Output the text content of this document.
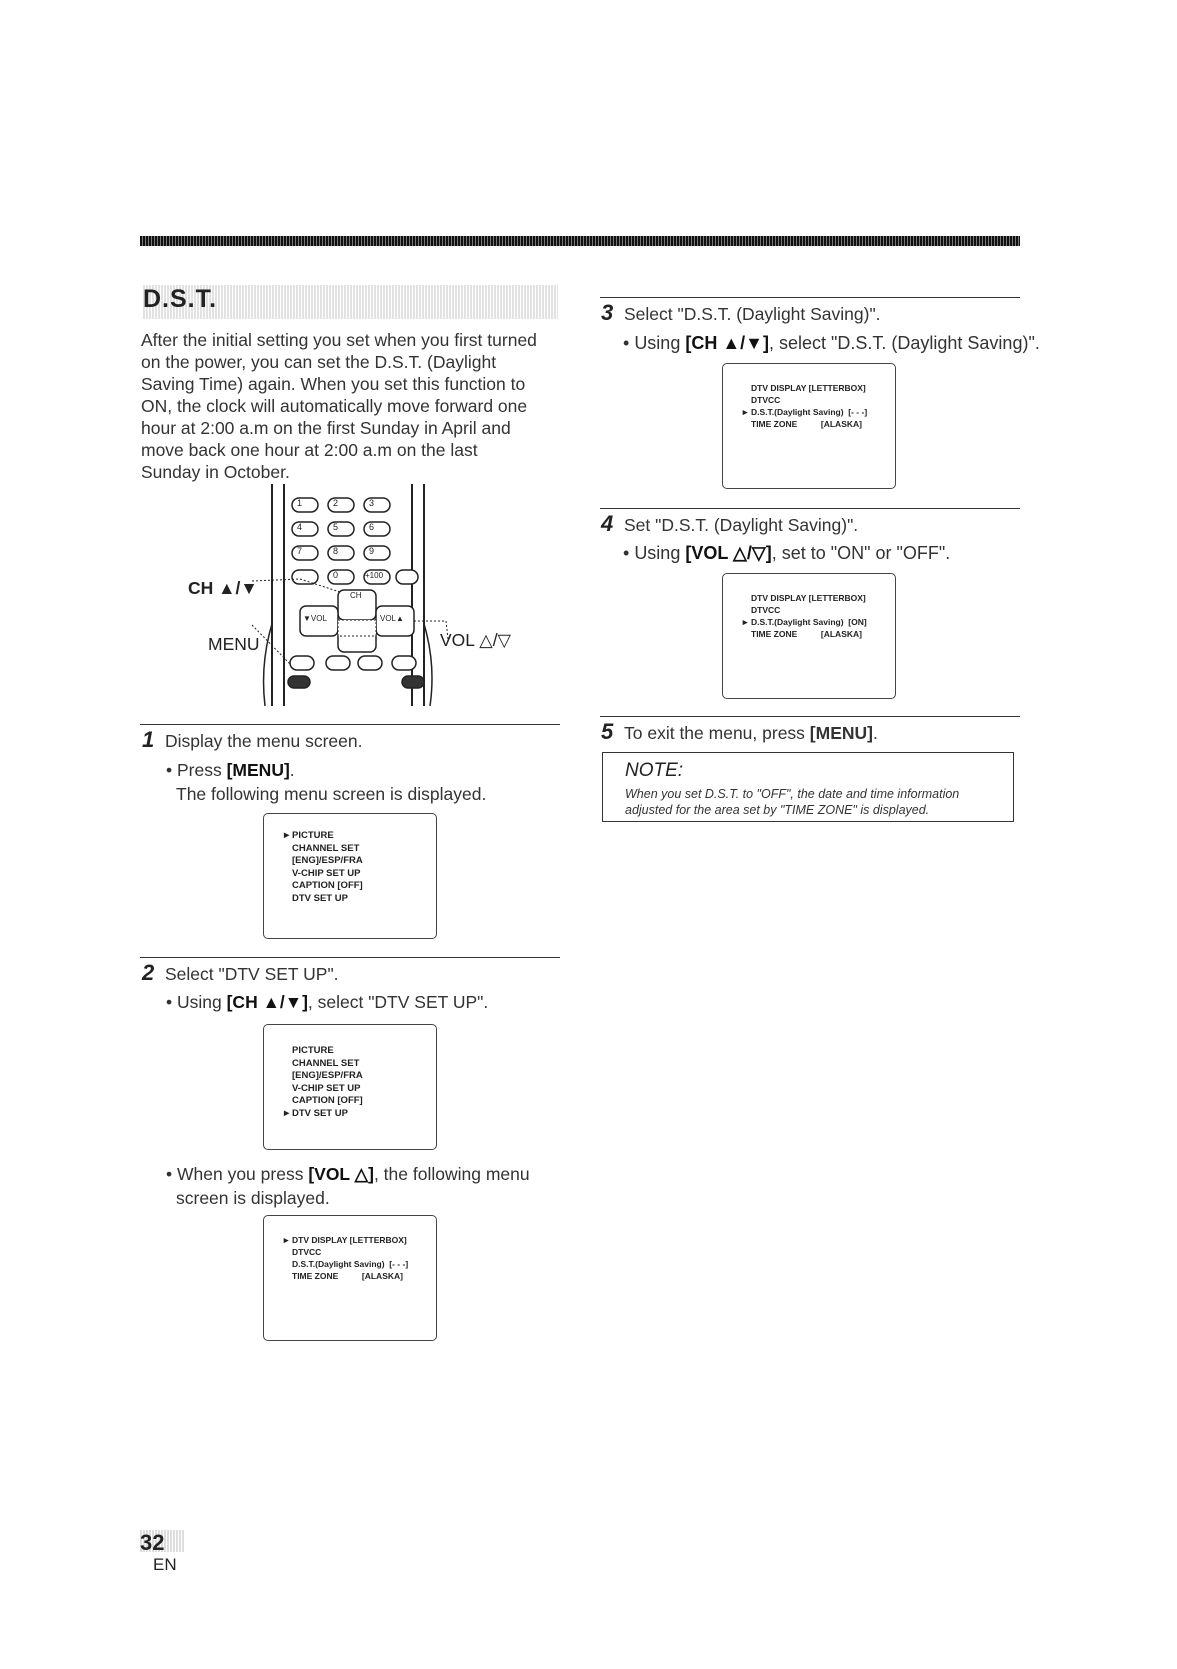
D.S.T.
After the initial setting you set when you first turned
on the power, you can set the D.S.T. (Daylight
Saving Time) again. When you set this function to
ON, the clock will automatically move forward one
hour at 2:00 a.m on the first Sunday in April and
move back one hour at 2:00 a.m on the last
Sunday in October.
CH ▲/▼
MENU	VOL △/▽
1	2	3
4	5	6
7	8	9
0	+100
CH
▼VOL	VOL▲
1 Display the menu screen.
• Press [MENU].
The following menu screen is displayed.
►PICTURE
CHANNEL SET
[ENG]/ESP/FRA
V-CHIP SET UP
CAPTION [OFF]
DTV SET UP
2 Select "DTV SET UP".
• Using [CH ▲/▼], select "DTV SET UP".
PICTURE
CHANNEL SET
[ENG]/ESP/FRA
V-CHIP SET UP
CAPTION [OFF]
►DTV SET UP
• When you press [VOL △], the following menu
screen is displayed.
► DTV DISPLAY [LETTERBOX]
DTVCC
D.S.T.(Daylight Saving)  [- - -]
TIME ZONE          [ALASKA]
3 Select "D.S.T. (Daylight Saving)".
• Using [CH ▲/▼], select "D.S.T. (Daylight Saving)".
DTV DISPLAY [LETTERBOX]
DTVCC
► D.S.T.(Daylight Saving)  [- - -]
TIME ZONE          [ALASKA]
4 Set "D.S.T. (Daylight Saving)".
• Using [VOL △/▽], set to "ON" or "OFF".
DTV DISPLAY [LETTERBOX]
DTVCC
► D.S.T.(Daylight Saving)  [ON]
TIME ZONE          [ALASKA]
5 To exit the menu, press [MENU].
NOTE:
When you set D.S.T. to "OFF", the date and time information
adjusted for the area set by "TIME ZONE" is displayed.
32
EN
